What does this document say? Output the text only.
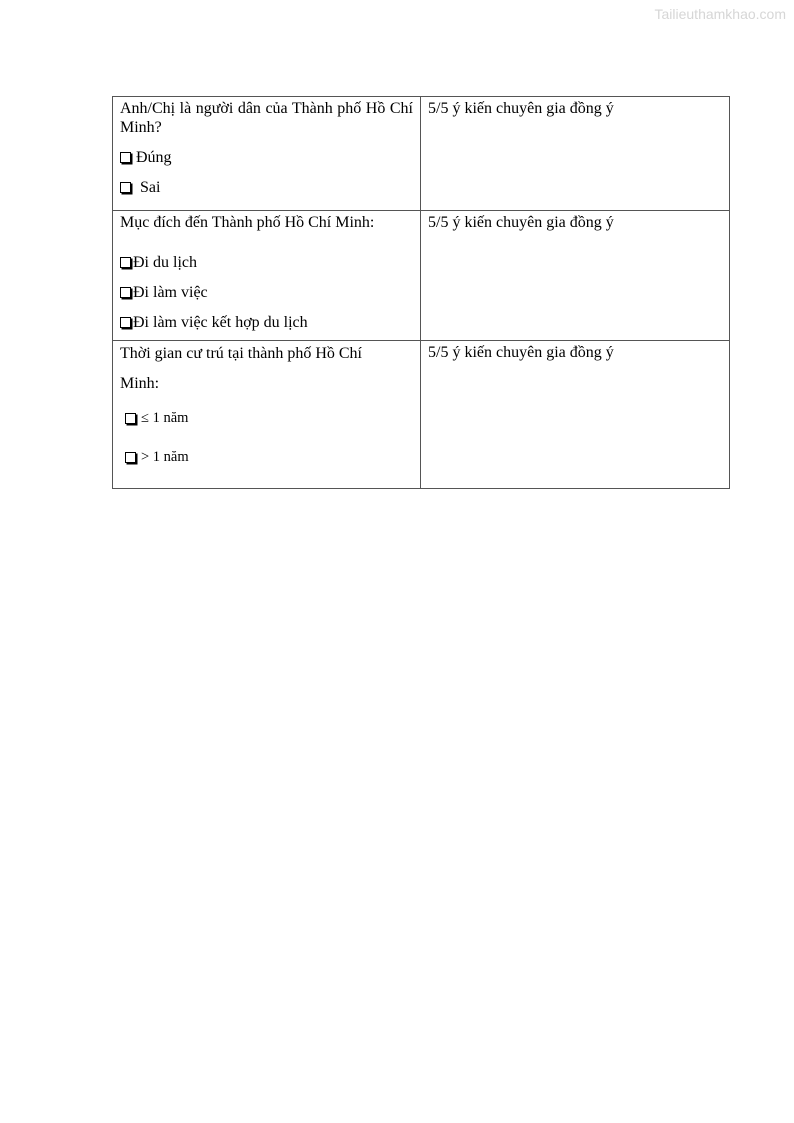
Tailieuthamkhao.com
Anh/Chị là người dân của Thành phố Hồ Chí Minh?
Đúng
Sai	5/5 ý kiến chuyên gia đồng ý

Mục đích đến Thành phố Hồ Chí Minh:
Đi du lịch
Đi làm việc
Đi làm việc kết hợp du lịch	5/5 ý kiến chuyên gia đồng ý

Thời gian cư trú tại thành phố Hồ Chí Minh:
≤ 1 năm
> 1 năm	5/5 ý kiến chuyên gia đồng ý
